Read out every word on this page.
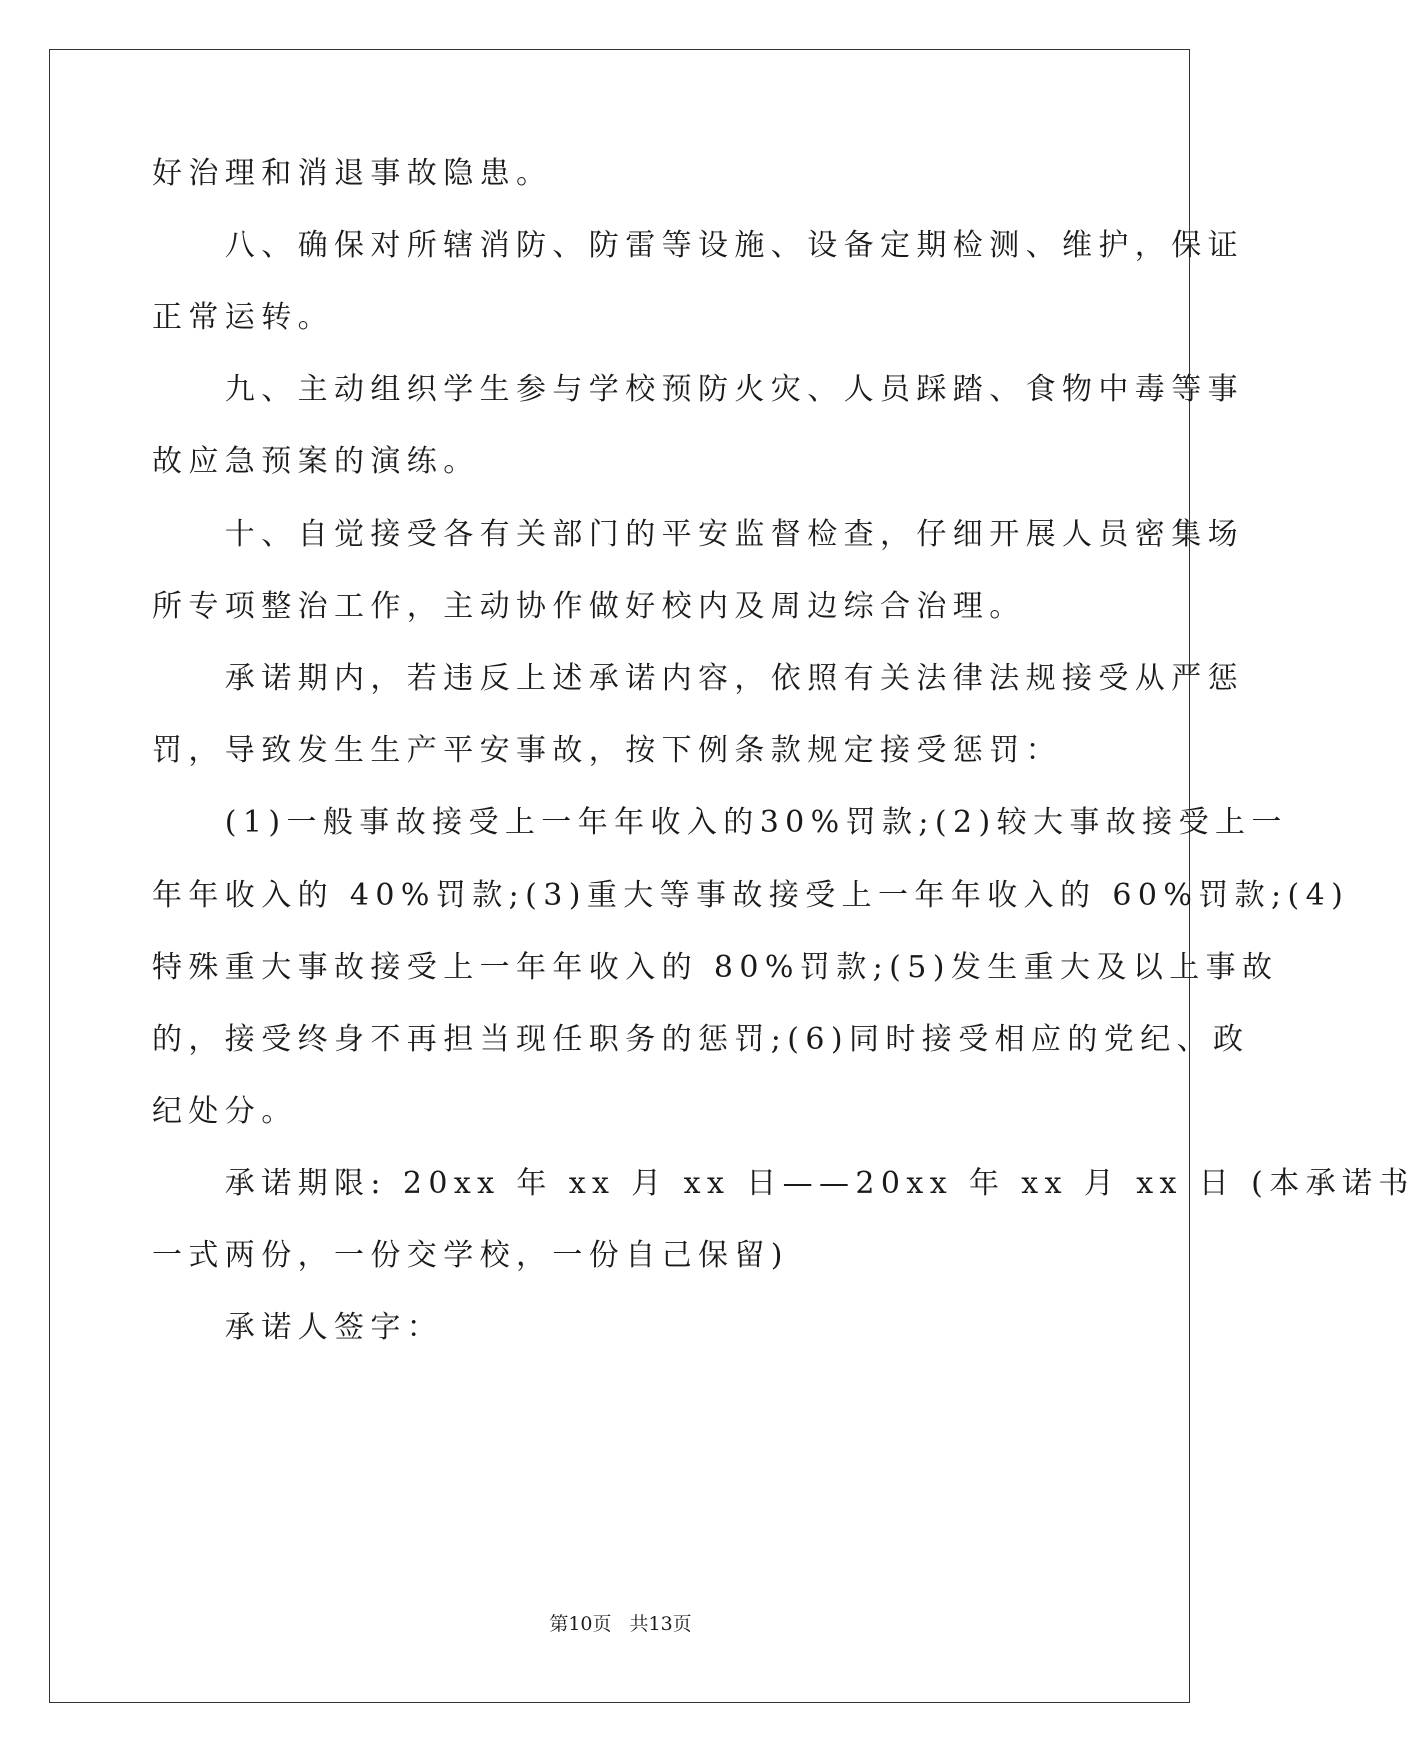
好治理和消退事故隐患。
　　八、确保对所辖消防、防雷等设施、设备定期检测、维护，保证
正常运转。
　　九、主动组织学生参与学校预防火灾、人员踩踏、食物中毒等事
故应急预案的演练。
　　十、自觉接受各有关部门的平安监督检查，仔细开展人员密集场
所专项整治工作，主动协作做好校内及周边综合治理。
　　承诺期内，若违反上述承诺内容，依照有关法律法规接受从严惩
罚，导致发生生产平安事故，按下例条款规定接受惩罚：
　　(1)一般事故接受上一年年收入的30%罚款;(2)较大事故接受上一
年年收入的 40%罚款;(3)重大等事故接受上一年年收入的 60%罚款;(4)
特殊重大事故接受上一年年收入的 80%罚款;(5)发生重大及以上事故
的，接受终身不再担当现任职务的惩罚;(6)同时接受相应的党纪、政
纪处分。
　　承诺期限: 20xx 年 xx 月 xx 日——20xx 年 xx 月 xx 日 (本承诺书
一式两份，一份交学校，一份自己保留)
　　承诺人签字：
第10页 共13页
